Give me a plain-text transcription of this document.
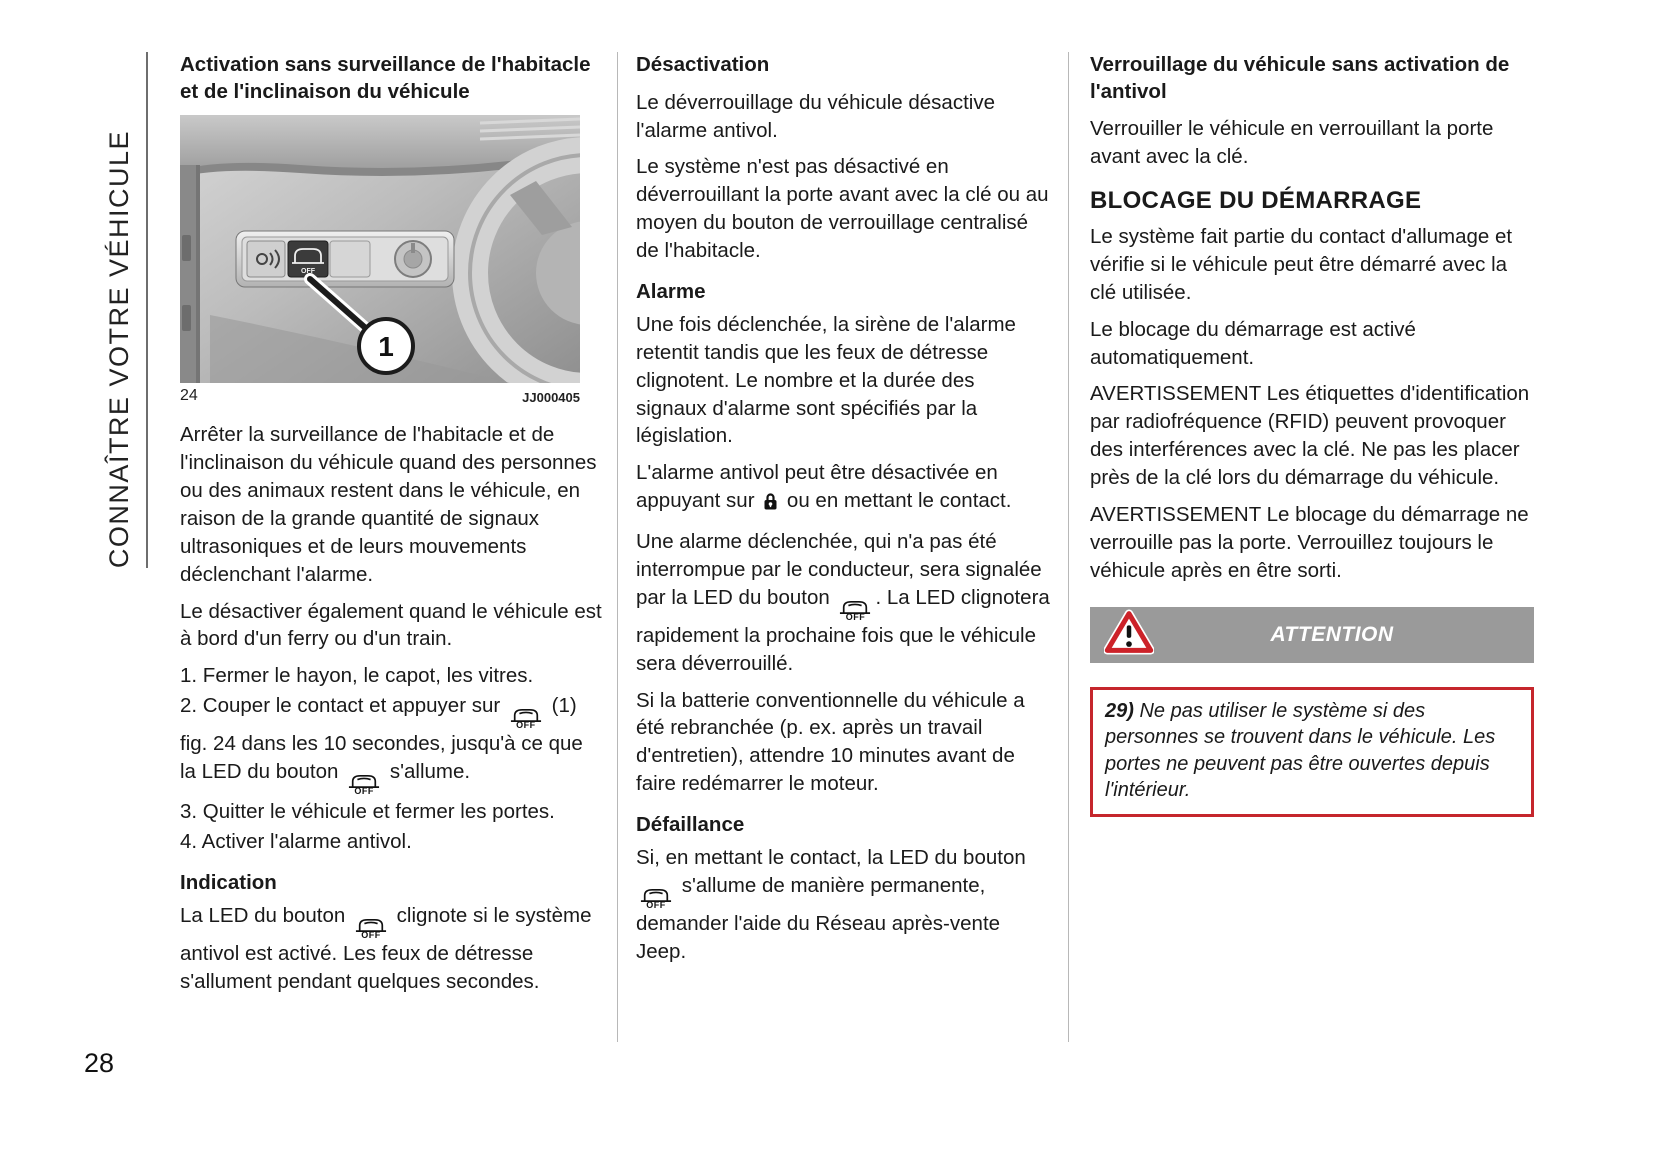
CONNAÎTRE VOTRE VÉHICULE
Activation sans surveillance de l'habitacle et de l'inclinaison du véhicule
OFF
1
24	JJ000405

Arrêter la surveillance de l'habitacle et de l'inclinaison du véhicule quand des personnes ou des animaux restent dans le véhicule, en raison de la grande quantité de signaux ultrasoniques et de leurs mouvements déclenchant l'alarme.

Le désactiver également quand le véhicule est à bord d'un ferry ou d'un train.

1. Fermer le hayon, le capot, les vitres.

2. Couper le contact et appuyer sur
OFF
(1) fig. 24 dans les 10 secondes, jusqu'à ce que la LED du bouton
OFF
s'allume.

3. Quitter le véhicule et fermer les portes.

4. Activer l'alarme antivol.

Indication

La LED du bouton
OFF
clignote si le système antivol est activé. Les feux de détresse s'allument pendant quelques secondes.

Désactivation

Le déverrouillage du véhicule désactive l'alarme antivol.

Le système n'est pas désactivé en déverrouillant la porte avant avec la clé ou au moyen du bouton de verrouillage centralisé de l'habitacle.

Alarme

Une fois déclenchée, la sirène de l'alarme retentit tandis que les feux de détresse clignotent. Le nombre et la durée des signaux d'alarme sont spécifiés par la législation.

L'alarme antivol peut être désactivée en appuyant sur  ou en mettant le contact.

Une alarme déclenchée, qui n'a pas été interrompue par le conducteur, sera signalée par la LED du bouton
OFF
. La LED clignotera rapidement la prochaine fois que le véhicule sera déverrouillé.

Si la batterie conventionnelle du véhicule a été rebranchée (p. ex. après un travail d'entretien), attendre 10 minutes avant de faire redémarrer le moteur.

Défaillance

Si, en mettant le contact, la LED du bouton
OFF
s'allume de manière permanente, demander l'aide du Réseau après-vente Jeep.

Verrouillage du véhicule sans activation de l'antivol

Verrouiller le véhicule en verrouillant la porte avant avec la clé.

BLOCAGE DU DÉMARRAGE

Le système fait partie du contact d'allumage et vérifie si le véhicule peut être démarré avec la clé utilisée.

Le blocage du démarrage est activé automatiquement.

AVERTISSEMENT Les étiquettes d'identification par radiofréquence (RFID) peuvent provoquer des interférences avec la clé. Ne pas les placer près de la clé lors du démarrage du véhicule.

AVERTISSEMENT Le blocage du démarrage ne verrouille pas la porte. Verrouillez toujours le véhicule après en être sorti.

ATTENTION
29) Ne pas utiliser le système si des personnes se trouvent dans le véhicule. Les portes ne peuvent pas être ouvertes depuis l'intérieur.
28
